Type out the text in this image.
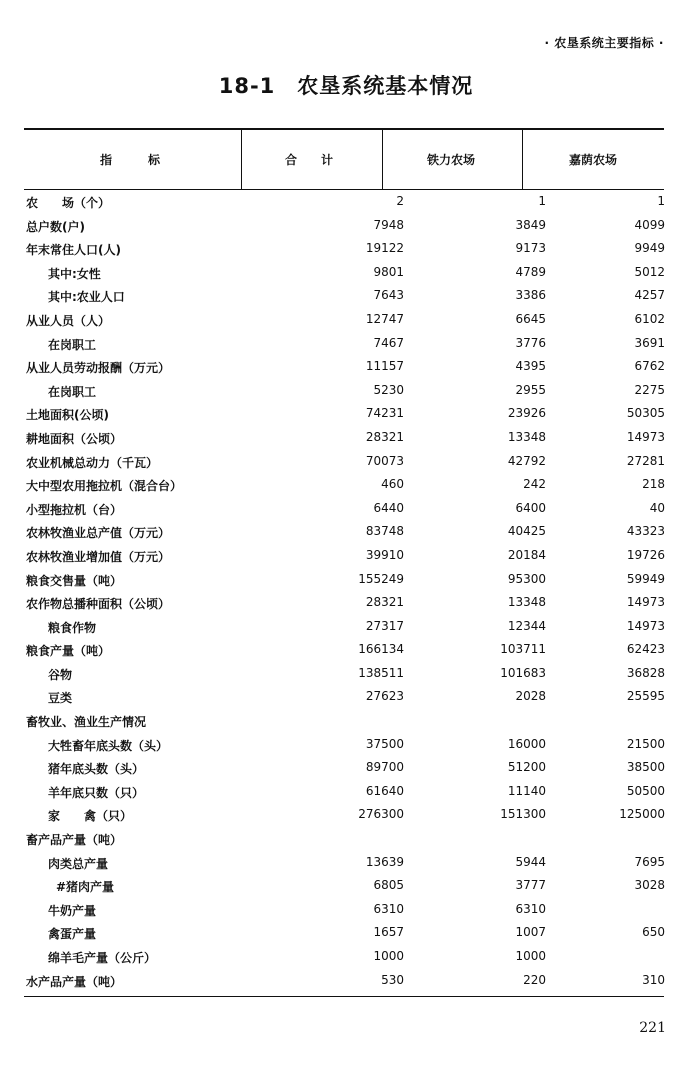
· 农垦系统主要指标 ·
18-1 农垦系统基本情况
指　　　标	合　　计	铁力农场	嘉荫农场
农　　场（个）	2	1	1
总户数(户)	7948	3849	4099
年末常住人口(人)	19122	9173	9949
其中:女性	9801	4789	5012
其中:农业人口	7643	3386	4257
从业人员（人）	12747	6645	6102
在岗职工	7467	3776	3691
从业人员劳动报酬（万元）	11157	4395	6762
在岗职工	5230	2955	2275
土地面积(公顷)	74231	23926	50305
耕地面积（公顷）	28321	13348	14973
农业机械总动力（千瓦）	70073	42792	27281
大中型农用拖拉机（混合台）	460	242	218
小型拖拉机（台）	6440	6400	40
农林牧渔业总产值（万元）	83748	40425	43323
农林牧渔业增加值（万元）	39910	20184	19726
粮食交售量（吨）	155249	95300	59949
农作物总播种面积（公顷）	28321	13348	14973
粮食作物	27317	12344	14973
粮食产量（吨）	166134	103711	62423
谷物	138511	101683	36828
豆类	27623	2028	25595
畜牧业、渔业生产情况
大牲畜年底头数（头）	37500	16000	21500
猪年底头数（头）	89700	51200	38500
羊年底只数（只）	61640	11140	50500
家　　禽（只）	276300	151300	125000
畜产品产量（吨）
肉类总产量	13639	5944	7695
#猪肉产量	6805	3777	3028
牛奶产量	6310	6310
禽蛋产量	1657	1007	650
绵羊毛产量（公斤）	1000	1000
水产品产量（吨）	530	220	310
221
